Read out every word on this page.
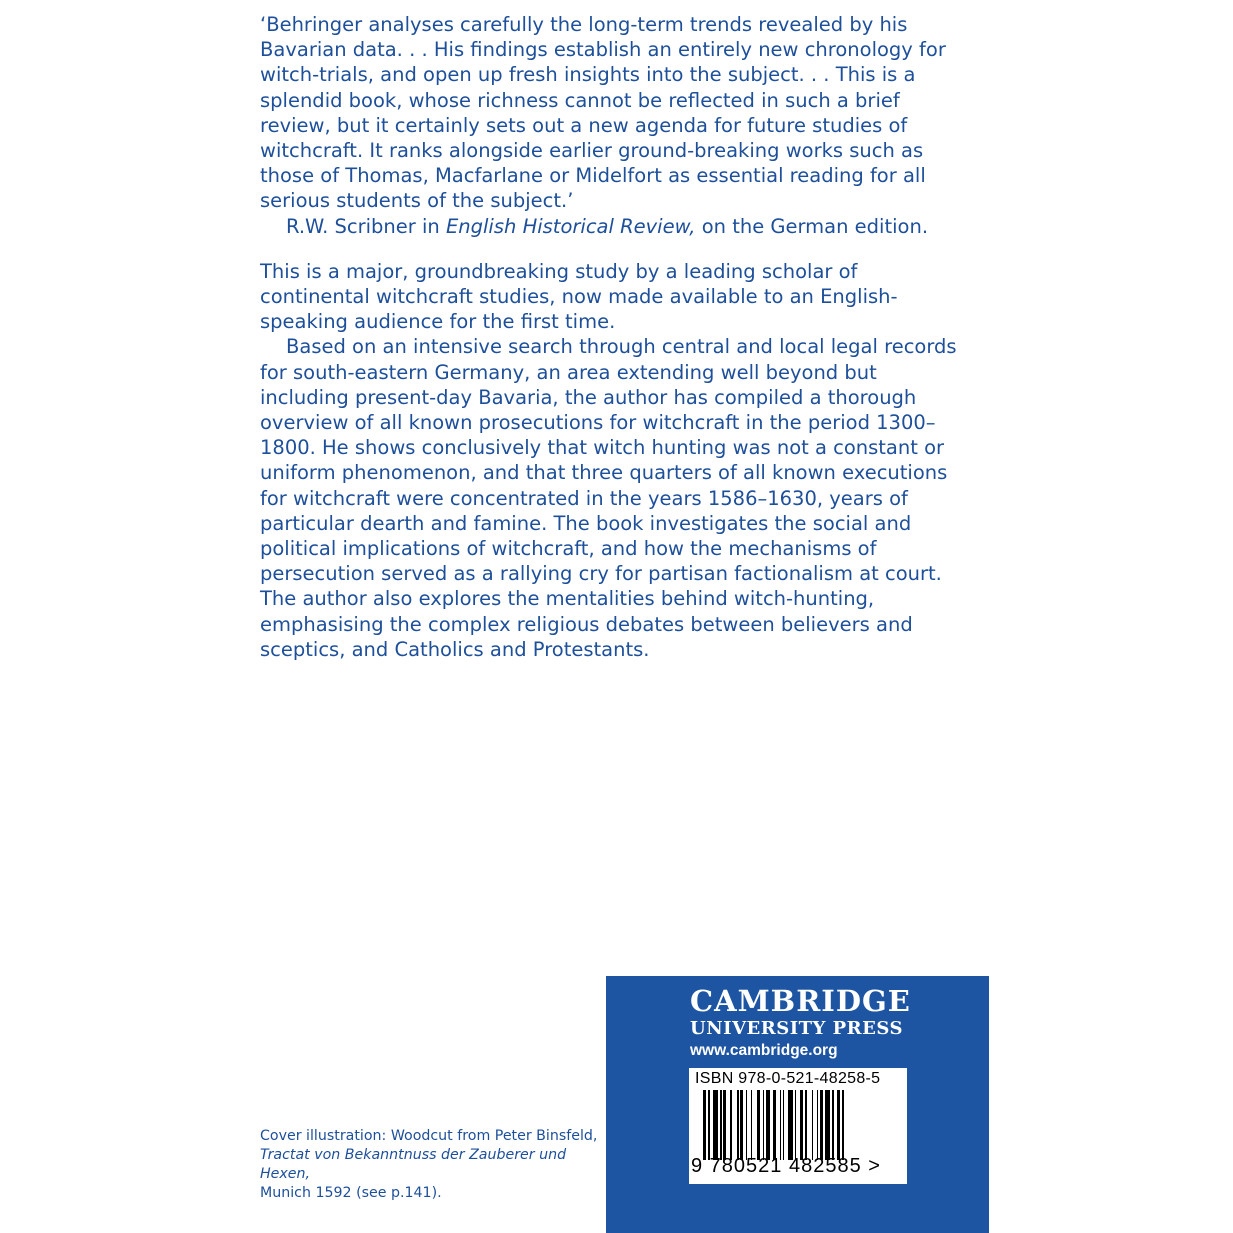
‘Behringer analyses carefully the long-term trends revealed by his Bavarian data. . . His findings establish an entirely new chronology for witch-trials, and open up fresh insights into the subject. . . This is a splendid book, whose richness cannot be reflected in such a brief review, but it certainly sets out a new agenda for future studies of witchcraft. It ranks alongside earlier ground-breaking works such as those of Thomas, Macfarlane or Midelfort as essential reading for all serious students of the subject.’

R.W. Scribner in English Historical Review, on the German edition.

This is a major, groundbreaking study by a leading scholar of continental witchcraft studies, now made available to an English-speaking audience for the first time.

Based on an intensive search through central and local legal records for south-eastern Germany, an area extending well beyond but including present-day Bavaria, the author has compiled a thorough overview of all known prosecutions for witchcraft in the period 1300–1800. He shows conclusively that witch hunting was not a constant or uniform phenomenon, and that three quarters of all known executions for witchcraft were concentrated in the years 1586–1630, years of particular dearth and famine. The book investigates the social and political implications of witchcraft, and how the mechanisms of persecution served as a rallying cry for partisan factionalism at court. The author also explores the mentalities behind witch-hunting, emphasising the complex religious debates between believers and sceptics, and Catholics and Protestants.

Cover illustration: Woodcut from Peter Binsfeld,
Tractat von Bekanntnuss der Zauberer und Hexen,
Munich 1592 (see p.141).
CAMBRIDGE
UNIVERSITY PRESS
www.cambridge.org
ISBN 978-0-521-48258-5
9 780521 482585 >
